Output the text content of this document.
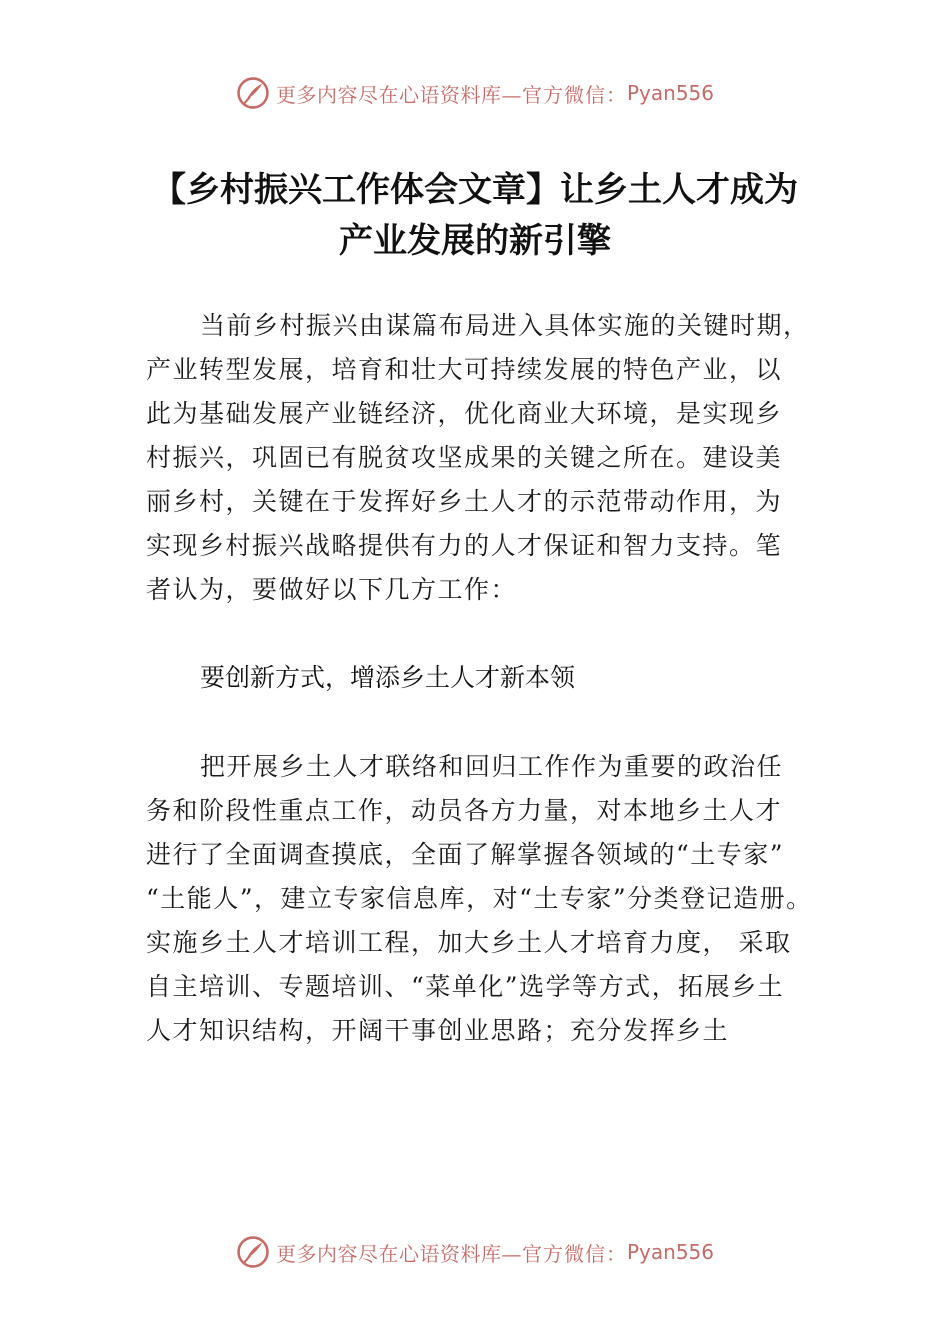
更多内容尽在心语资料库— 官方微信： Pyan556
【乡村振兴工作体会文章】让乡土人才成为
产业发展的新引擎
当前乡村振兴由谋篇布局进入具体实施的关键时期，
产业转型发展，培育和壮大可持续发展的特色产业，以
此为基础发展产业链经济，优化商业大环境，是实现乡
村振兴，巩固已有脱贫攻坚成果的关键之所在。建设美
丽乡村，关键在于发挥好乡土人才的示范带动作用，为
实现乡村振兴战略提供有力的人才保证和智力支持。笔
者认为，要做好以下几方工作：
要创新方式，增添乡土人才新本领
把开展乡土人才联络和回归工作作为重要的政治任
务和阶段性重点工作，动员各方力量，对本地乡土人才
进行了全面调查摸底，全面了解掌握各领域的“土专家”
“土能人”，建立专家信息库，对“土专家”分类登记造册。
实施乡土人才培训工程，加大乡土人才培育力度， 采取
自主培训、专题培训、“菜单化”选学等方式，拓展乡土
人才知识结构，开阔干事创业思路；充分发挥乡土
更多内容尽在心语资料库— 官方微信： Pyan556
